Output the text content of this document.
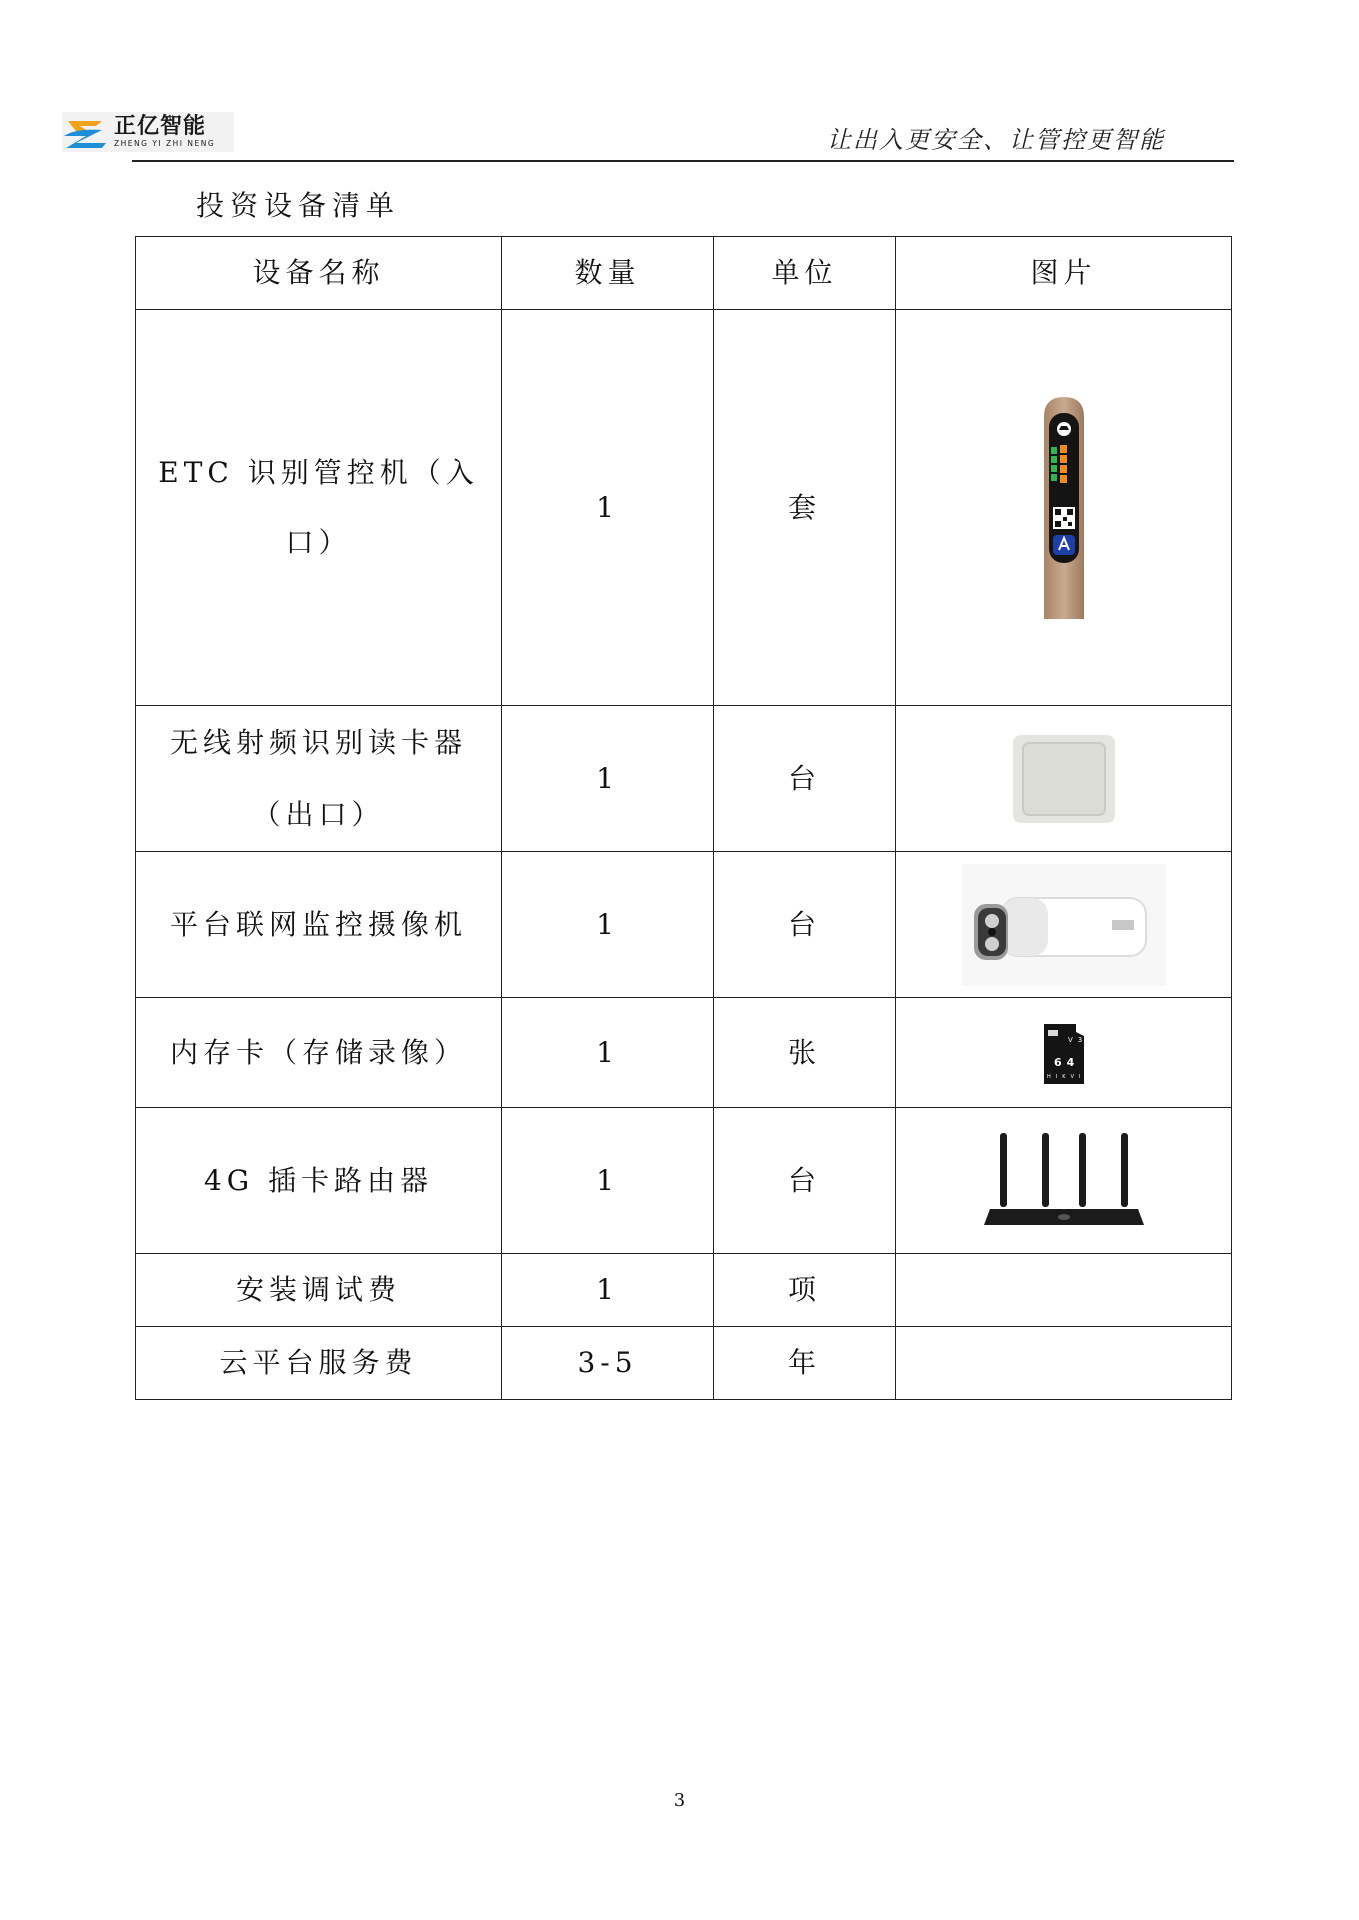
正亿智能
ZHENG YI ZHI NENG	让出入更安全、让管控更智能
投资设备清单
设备名称	数量	单位	图片
ETC 识别管控机（入口）	1	套	

无线射频识别读卡器（出口）	1	台	

平台联网监控摄像机	1	台	

内存卡（存储录像）	1	张	V30
64
HIKVISION

4G 插卡路由器	1	台	

安装调试费	1	项	
云平台服务费	3-5	年	
3
